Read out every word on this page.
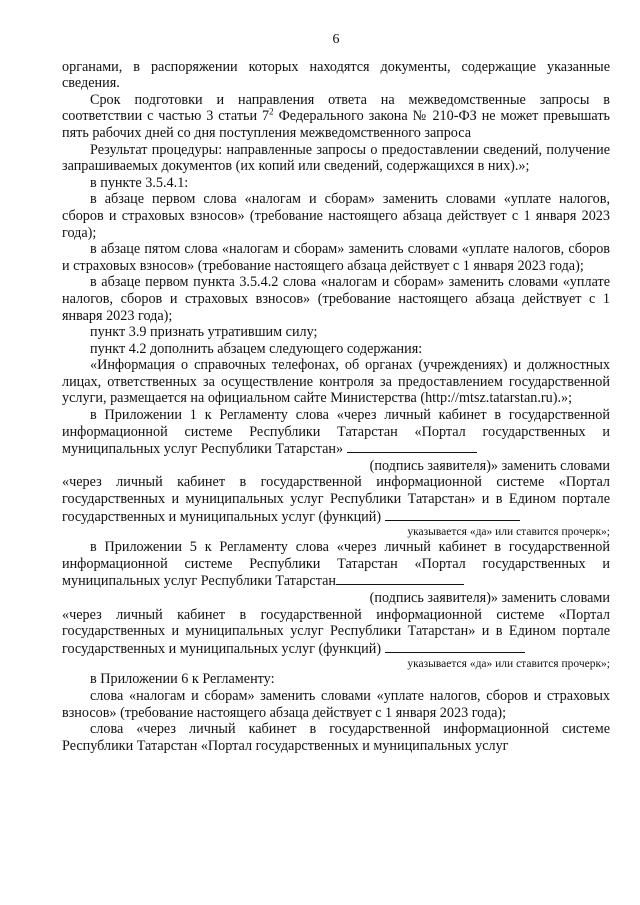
6

органами, в распоряжении которых находятся документы, содержащие указанные сведения.

Срок подготовки и направления ответа на межведомственные запросы в соответствии с частью 3 статьи $7^2$ Федерального закона № 210-ФЗ не может превышать пять рабочих дней со дня поступления межведомственного запроса

Результат процедуры: направленные запросы о предоставлении сведений, получение запрашиваемых документов (их копий или сведений, содержащихся в них).»;

в пункте 3.5.4.1:

в абзаце первом слова «налогам и сборам» заменить словами «уплате налогов, сборов и страховых взносов» (требование настоящего абзаца действует с 1 января 2023 года);

в абзаце пятом слова «налогам и сборам» заменить словами «уплате налогов, сборов и страховых взносов» (требование настоящего абзаца действует с 1 января 2023 года);

в абзаце первом пункта 3.5.4.2 слова «налогам и сборам» заменить словами «уплате налогов, сборов и страховых взносов» (требование настоящего абзаца действует с 1 января 2023 года);

пункт 3.9 признать утратившим силу;

пункт 4.2 дополнить абзацем следующего содержания:

«Информация о справочных телефонах, об органах (учреждениях) и должностных лицах, ответственных за осуществление контроля за предоставлением государственной услуги, размещается на официальном сайте Министерства (http://mtsz.tatarstan.ru).»;

в Приложении 1 к Регламенту слова «через личный кабинет в государственной информационной системе Республики Татарстан «Портал государственных и муниципальных услуг Республики Татарстан»

(подпись заявителя)» заменить словами

«через личный кабинет в государственной информационной системе «Портал государственных и муниципальных услуг Республики Татарстан» и в Едином портале государственных и муниципальных услуг (функций)

указывается «да» или ставится прочерк»;

в Приложении 5 к Регламенту слова «через личный кабинет в государственной информационной системе Республики Татарстан «Портал государственных и муниципальных услуг Республики Татарстан

(подпись заявителя)» заменить словами

«через личный кабинет в государственной информационной системе «Портал государственных и муниципальных услуг Республики Татарстан» и в Едином портале государственных и муниципальных услуг (функций)

указывается «да» или ставится прочерк»;

в Приложении 6 к Регламенту:

слова «налогам и сборам» заменить словами «уплате налогов, сборов и страховых взносов» (требование настоящего абзаца действует с 1 января 2023 года);

слова «через личный кабинет в государственной информационной системе Республики Татарстан «Портал государственных и муниципальных услуг
